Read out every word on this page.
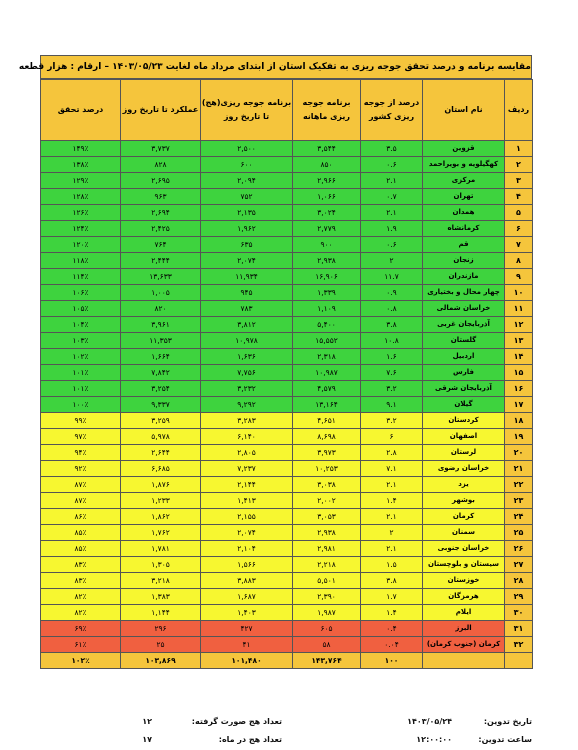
مقایسه برنامه و درصد تحقق جوجه ریزی به تفکیک استان از ابتدای مرداد ماه لغایت ۱۴۰۳/۰۵/۲۳ – ارقام : هزار قطعه
ردیف	نام استان	درصد از جوجه ریزی کشور	برنامه جوجه ریزی ماهانه	برنامه جوجه ریزی(هج) تا تاریخ روز	عملکرد تا تاریخ روز	درصد تحقق
۱	قزوین	۳.۵	۳,۵۴۴	۲,۵۰۰	۳,۷۳۷	۱۴۹٪
۲	کهگیلویه و بویراحمد	۰.۶	۸۵۰	۶۰۰	۸۲۸	۱۳۸٪
۳	مرکزی	۲.۱	۲,۹۶۶	۲,۰۹۴	۲,۶۹۵	۱۲۹٪
۴	تهران	۰.۷	۱,۰۶۶	۷۵۲	۹۶۳	۱۲۸٪
۵	همدان	۲.۱	۳,۰۲۴	۲,۱۳۵	۲,۶۹۴	۱۲۶٪
۶	کرمانشاه	۱.۹	۲,۷۷۹	۱,۹۶۲	۲,۴۲۵	۱۲۴٪
۷	قم	۰.۶	۹۰۰	۶۳۵	۷۶۴	۱۲۰٪
۸	زنجان	۲	۲,۹۳۸	۲,۰۷۴	۲,۴۴۴	۱۱۸٪
۹	مازندران	۱۱.۷	۱۶,۹۰۶	۱۱,۹۳۴	۱۳,۶۳۳	۱۱۴٪
۱۰	چهار محال و بختیاری	۰.۹	۱,۳۳۹	۹۴۵	۱,۰۰۵	۱۰۶٪
۱۱	خراسان شمالی	۰.۸	۱,۱۰۹	۷۸۳	۸۲۰	۱۰۵٪
۱۲	آذربایجان غربی	۳.۸	۵,۴۰۰	۳,۸۱۲	۳,۹۶۱	۱۰۴٪
۱۳	گلستان	۱۰.۸	۱۵,۵۵۲	۱۰,۹۷۸	۱۱,۳۵۳	۱۰۳٪
۱۴	اردبیل	۱.۶	۲,۳۱۸	۱,۶۳۶	۱,۶۶۴	۱۰۲٪
۱۵	فارس	۷.۶	۱۰,۹۸۷	۷,۷۵۶	۷,۸۴۲	۱۰۱٪
۱۶	آذربایجان شرقی	۳.۲	۴,۵۷۹	۳,۲۳۲	۳,۲۵۴	۱۰۱٪
۱۷	گیلان	۹.۱	۱۳,۱۶۴	۹,۲۹۲	۹,۳۳۷	۱۰۰٪
۱۸	کردستان	۳.۲	۴,۶۵۱	۳,۲۸۳	۳,۲۵۹	۹۹٪
۱۹	اصفهان	۶	۸,۶۹۸	۶,۱۴۰	۵,۹۷۸	۹۷٪
۲۰	لرستان	۲.۸	۳,۹۷۳	۲,۸۰۵	۲,۶۴۴	۹۴٪
۲۱	خراسان رضوی	۷.۱	۱۰,۲۵۳	۷,۲۳۷	۶,۶۸۵	۹۲٪
۲۲	یزد	۲.۱	۳,۰۳۸	۲,۱۴۴	۱,۸۷۶	۸۷٪
۲۳	بوشهر	۱.۴	۲,۰۰۲	۱,۴۱۳	۱,۲۳۳	۸۷٪
۲۴	کرمان	۲.۱	۳,۰۵۳	۲,۱۵۵	۱,۸۶۲	۸۶٪
۲۵	سمنان	۲	۲,۹۳۸	۲,۰۷۴	۱,۷۶۲	۸۵٪
۲۶	خراسان جنوبی	۲.۱	۲,۹۸۱	۲,۱۰۴	۱,۷۸۱	۸۵٪
۲۷	سیستان و بلوچستان	۱.۵	۲,۲۱۸	۱,۵۶۶	۱,۳۰۵	۸۳٪
۲۸	خوزستان	۳.۸	۵,۵۰۱	۳,۸۸۳	۳,۲۱۸	۸۳٪
۲۹	هرمزگان	۱.۷	۲,۳۹۰	۱,۶۸۷	۱,۳۸۳	۸۲٪
۳۰	ایلام	۱.۴	۱,۹۸۷	۱,۴۰۳	۱,۱۴۴	۸۲٪
۳۱	البرز	۰.۴	۶۰۵	۴۲۷	۲۹۶	۶۹٪
۳۲	کرمان (جنوب کرمان)	۰.۰۴	۵۸	۴۱	۲۵	۶۱٪
		۱۰۰	۱۴۳,۷۶۴	۱۰۱,۴۸۰	۱۰۳,۸۶۹	۱۰۲٪
تاریخ تدوین:
۱۴۰۳/۰۵/۲۴
تعداد هج صورت گرفته:
۱۲
ساعت تدوین:
۱۲:۰۰:۰۰
تعداد هج در ماه:
۱۷
